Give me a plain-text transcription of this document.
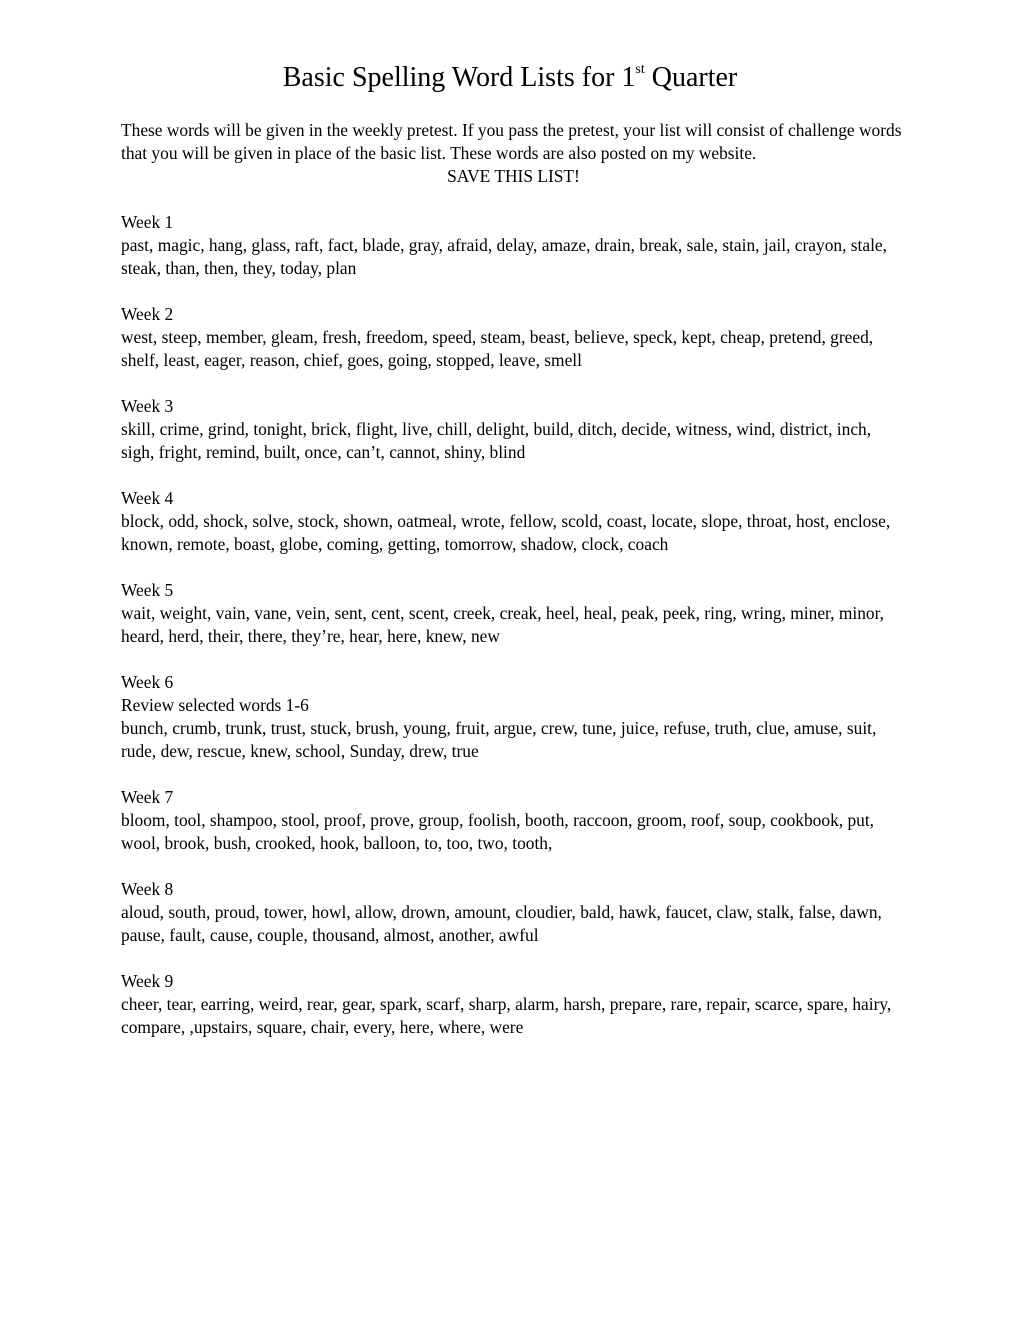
Basic Spelling Word Lists for 1st Quarter

These words will be given in the weekly pretest. If you pass the pretest, your list will consist of challenge words that you will be given in place of the basic list. These words are also posted on my website.

SAVE THIS LIST!

Week 1

past, magic, hang, glass, raft, fact, blade, gray, afraid, delay, amaze, drain, break, sale, stain, jail, crayon, stale, steak, than, then, they, today, plan

Week 2

west, steep, member, gleam, fresh, freedom, speed, steam, beast, believe, speck, kept, cheap, pretend, greed, shelf, least, eager, reason, chief, goes, going, stopped, leave, smell

Week 3

skill, crime, grind, tonight, brick, flight, live, chill, delight, build, ditch, decide, witness, wind, district, inch, sigh, fright, remind, built, once, can’t, cannot, shiny, blind

Week 4

block, odd, shock, solve, stock, shown, oatmeal, wrote, fellow, scold, coast, locate, slope, throat, host, enclose, known, remote, boast, globe, coming, getting, tomorrow, shadow, clock, coach

Week 5

wait, weight, vain, vane, vein, sent, cent, scent, creek, creak, heel, heal, peak, peek, ring, wring, miner, minor, heard, herd, their, there, they’re, hear, here, knew, new

Week 6

Review selected words 1-6

bunch, crumb, trunk, trust, stuck, brush, young, fruit, argue, crew, tune, juice, refuse, truth, clue, amuse, suit, rude, dew, rescue, knew, school, Sunday, drew, true

Week 7

bloom, tool, shampoo, stool, proof, prove, group, foolish, booth, raccoon, groom, roof, soup, cookbook, put, wool, brook, bush, crooked, hook, balloon, to, too, two, tooth,

Week 8

aloud, south, proud, tower, howl, allow, drown, amount, cloudier, bald, hawk, faucet, claw, stalk, false, dawn, pause, fault, cause, couple, thousand, almost, another, awful

Week 9

cheer, tear, earring, weird, rear, gear, spark, scarf, sharp, alarm, harsh, prepare, rare, repair, scarce, spare, hairy, compare, ,upstairs, square, chair, every, here, where, were
